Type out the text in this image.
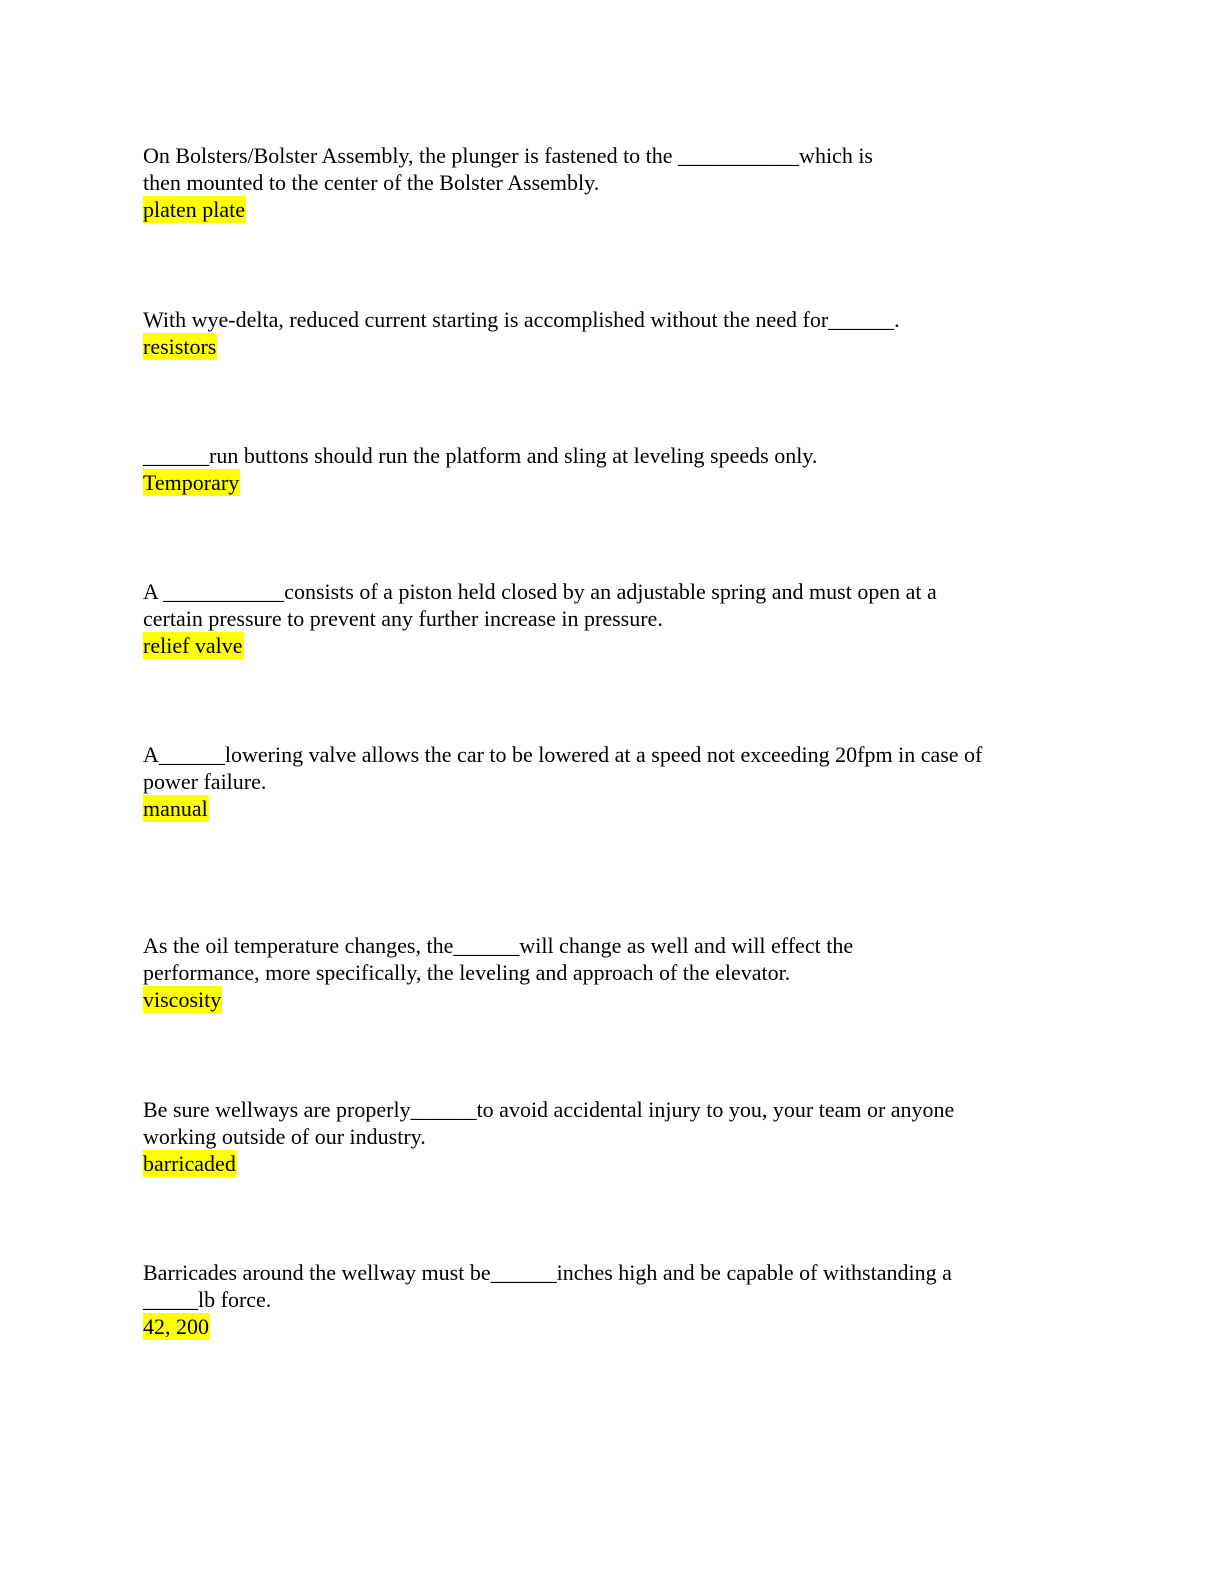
On Bolsters/Bolster Assembly, the plunger is fastened to the ___________which is
then mounted to the center of the Bolster Assembly.

platen plate

With wye-delta, reduced current starting is accomplished without the need for______.

resistors

______run buttons should run the platform and sling at leveling speeds only.

Temporary

A ___________consists of a piston held closed by an adjustable spring and must open at a
certain pressure to prevent any further increase in pressure.

relief valve

A______lowering valve allows the car to be lowered at a speed not exceeding 20fpm in case of
power failure.

manual

As the oil temperature changes, the______will change as well and will effect the
performance, more specifically, the leveling and approach of the elevator.

viscosity

Be sure wellways are properly______to avoid accidental injury to you, your team or anyone
working outside of our industry.

barricaded

Barricades around the wellway must be______inches high and be capable of withstanding a
_____lb force.

42, 200
